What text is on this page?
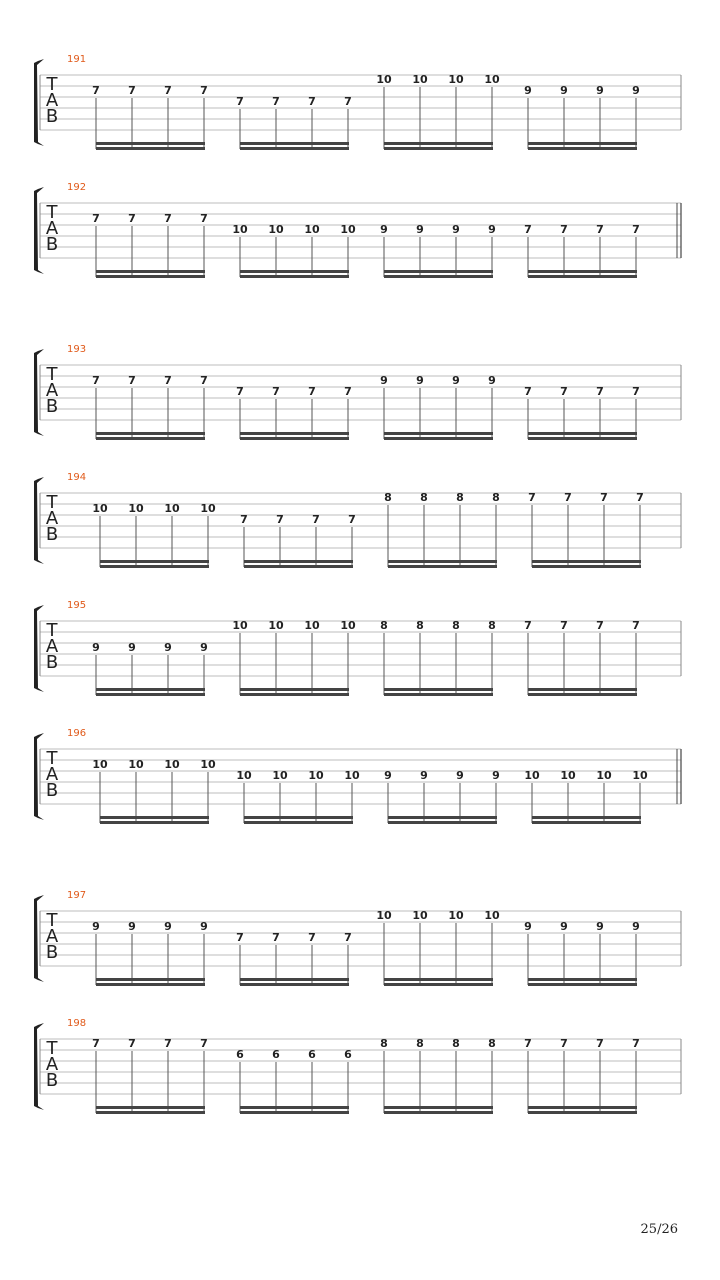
191
T
A
B
7	7	7	7
7	7	7	7
10 10 10 10
9	9	9	9
192
T
A
B
7	7	7	7
10 10 10 10 9	9	9	9	7	7	7	7
193
T
A
B
7	7	7	7
7	7	7	7
9	9	9	9
7	7	7	7
194
T
A
B
10 10 10 10
7	7	7	7
8	8	8	8	7	7	7	7
195
T
A
B
9	9	9	9
10 10 10 10 8	8	8	8	7	7	7	7
196
T
A
B
10 10 10 10
10 10 10 10 9	9	9	9 10 10 10 10
197
T
A
B
9	9	9	9
7	7	7	7
10 10 10 10
9	9	9	9
198
T
A
B
7	7	7	7
6	6	6	6
8	8	8	8	7	7	7	7
25/26
